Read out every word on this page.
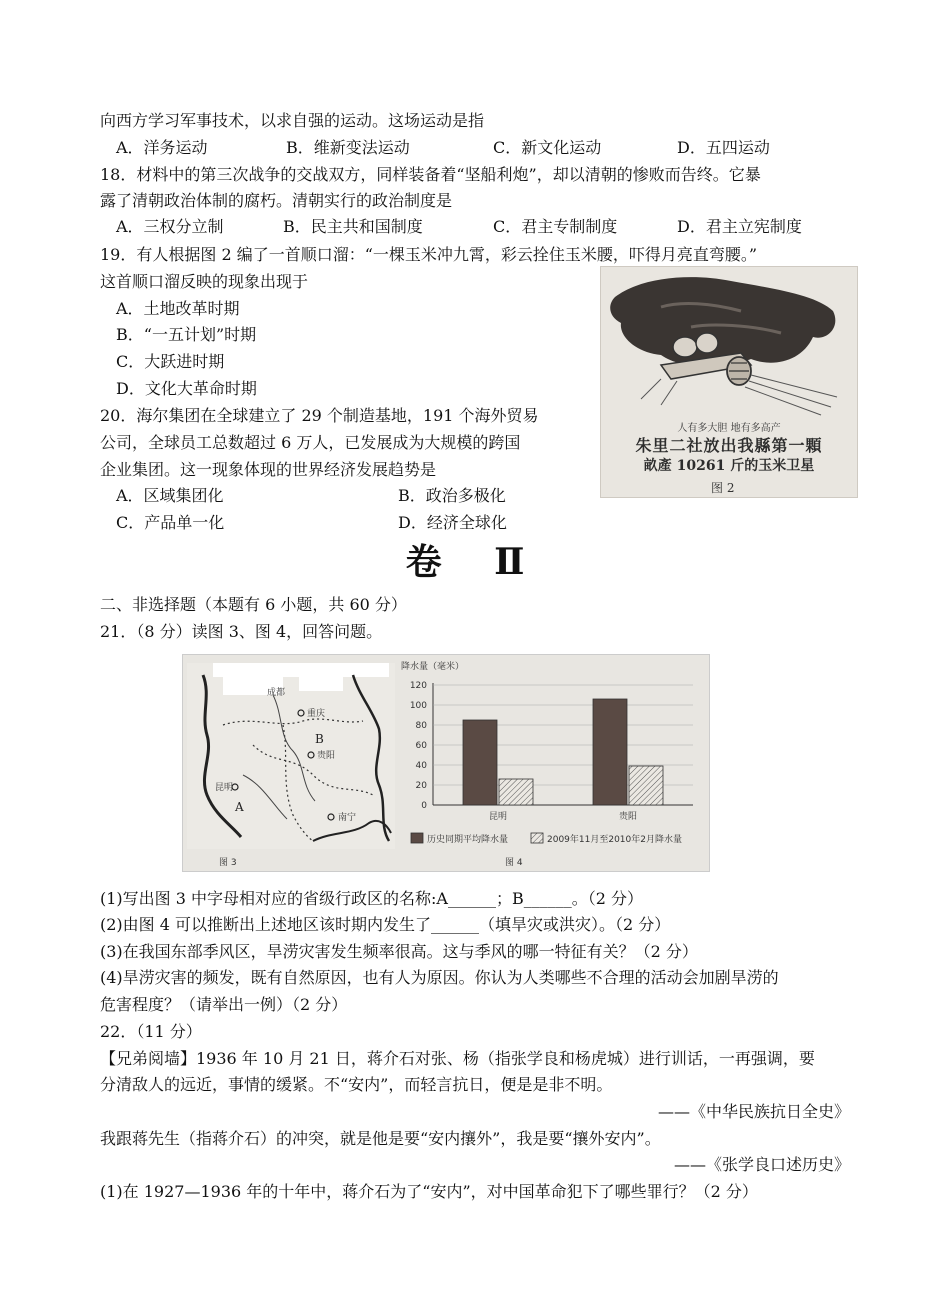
向西方学习军事技术，以求自强的运动。这场运动是指
A．洋务运动	B．维新变法运动	C．新文化运动	D．五四运动
18．材料中的第三次战争的交战双方，同样装备着“坚船利炮”，却以清朝的惨败而告终。它暴
露了清朝政治体制的腐朽。清朝实行的政治制度是
A．三权分立制	B．民主共和国制度	C．君主专制制度	D．君主立宪制度
19．有人根据图 2 编了一首顺口溜：“一棵玉米冲九霄，彩云拴住玉米腰，吓得月亮直弯腰。”
这首顺口溜反映的现象出现于
A．土地改革时期
B．“一五计划”时期
C．大跃进时期
D．文化大革命时期
人有多大胆 地有多高产
朱里二社放出我縣第一顆
畝產 10261 斤的玉米卫星
图 2
20．海尔集团在全球建立了 29 个制造基地，191 个海外贸易
公司，全球员工总数超过 6 万人，已发展成为大规模的跨国
企业集团。这一现象体现的世界经济发展趋势是
A．区域集团化	B．政治多极化
C．产品单一化	D．经济全球化
卷 Ⅱ
二、非选择题（本题有 6 小题，共 60 分）
21．（8 分）读图 3、图 4，回答问题。
成都
重庆
贵阳
昆明
南宁
A
B
图 3
降水量（毫米）
0
20
40
60
80
100
120
昆明	贵阳
历史同期平均降水量	2009年11月至2010年2月降水量
图 4
(1)写出图 3 中字母相对应的省级行政区的名称:A______；B______。（2 分）
(2)由图 4 可以推断出上述地区该时期内发生了______（填旱灾或洪灾）。（2 分）
(3)在我国东部季风区，旱涝灾害发生频率很高。这与季风的哪一特征有关？（2 分）
(4)旱涝灾害的频发，既有自然原因，也有人为原因。你认为人类哪些不合理的活动会加剧旱涝的
危害程度？（请举出一例）（2 分）
22．（11 分）
【兄弟阅墙】1936 年 10 月 21 日，蒋介石对张、杨（指张学良和杨虎城）进行训话，一再强调，要
分清敌人的远近，事情的缓紧。不“安内”，而轻言抗日，便是是非不明。
——《中华民族抗日全史》
我跟蒋先生（指蒋介石）的冲突，就是他是要“安内攘外”，我是要“攘外安内”。
——《张学良口述历史》
(1)在 1927—1936 年的十年中，蒋介石为了“安内”，对中国革命犯下了哪些罪行？（2 分）
